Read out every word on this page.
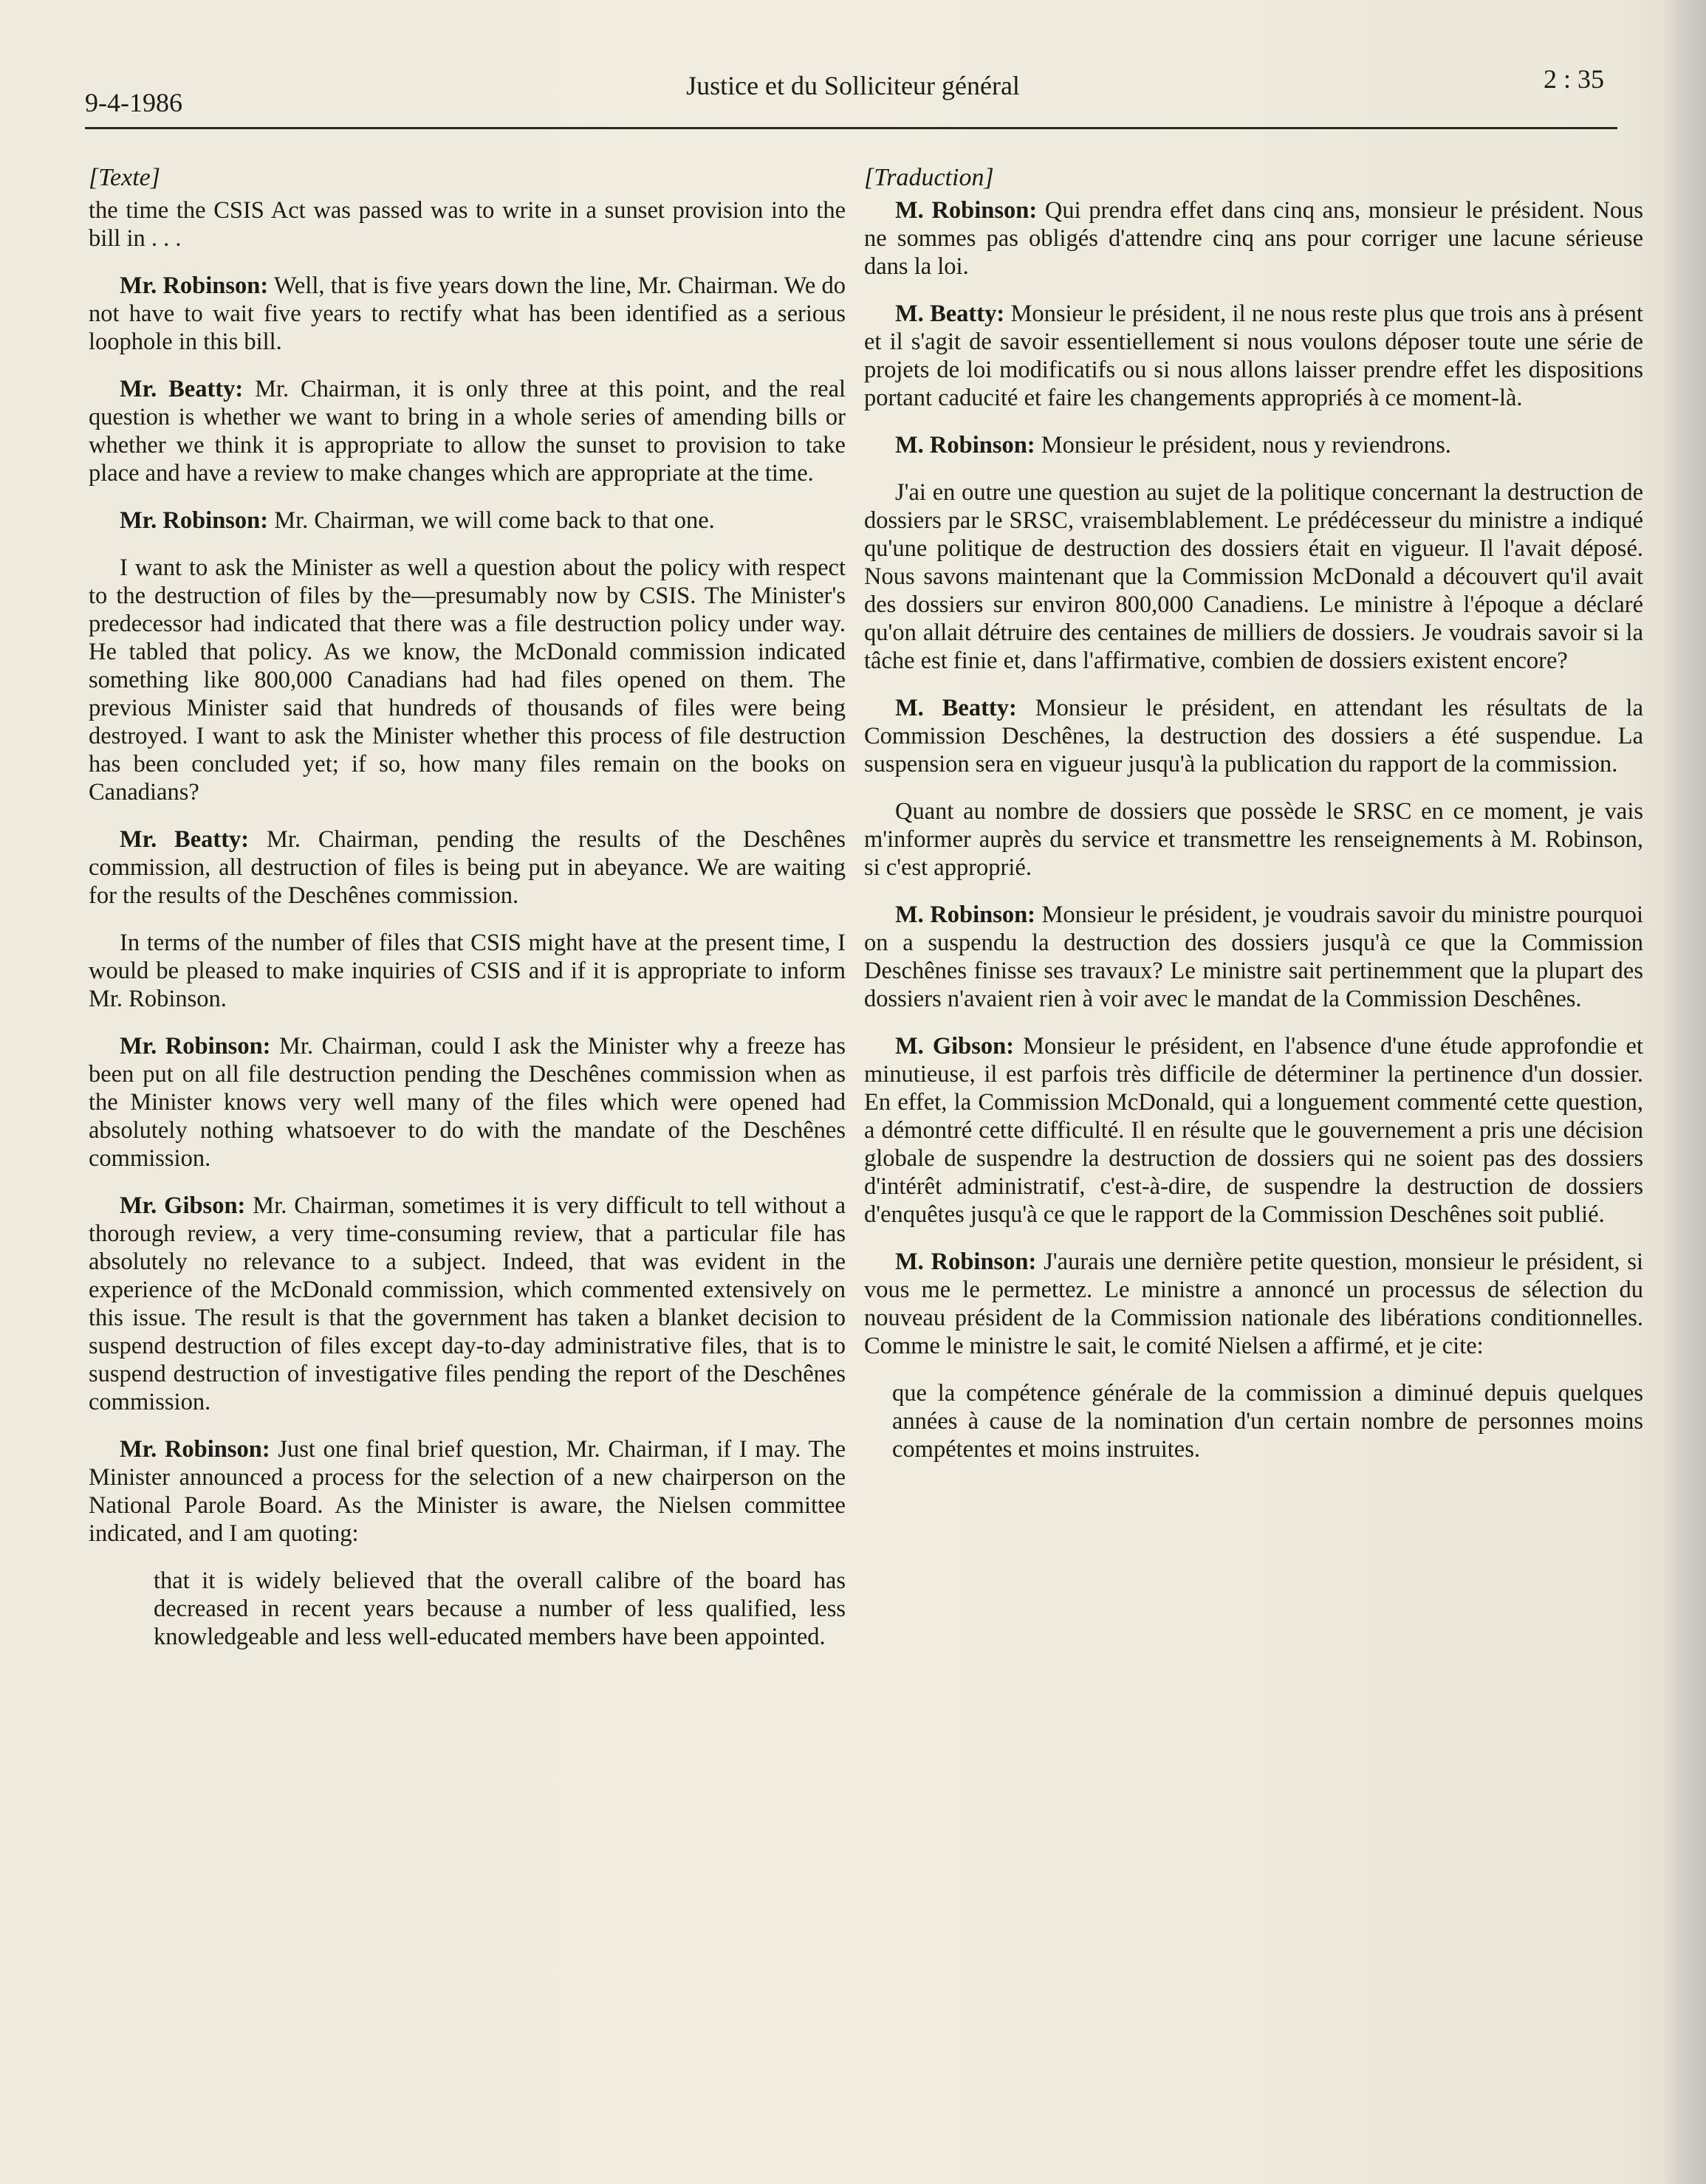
9-4-1986
Justice et du Solliciteur général	2 : 35

[Texte]

the time the CSIS Act was passed was to write in a sunset provision into the bill in . . .

Mr. Robinson: Well, that is five years down the line, Mr. Chairman. We do not have to wait five years to rectify what has been identified as a serious loophole in this bill.

Mr. Beatty: Mr. Chairman, it is only three at this point, and the real question is whether we want to bring in a whole series of amending bills or whether we think it is appropriate to allow the sunset to provision to take place and have a review to make changes which are appropriate at the time.

Mr. Robinson: Mr. Chairman, we will come back to that one.

I want to ask the Minister as well a question about the policy with respect to the destruction of files by the—presumably now by CSIS. The Minister's predecessor had indicated that there was a file destruction policy under way. He tabled that policy. As we know, the McDonald commission indicated something like 800,000 Canadians had had files opened on them. The previous Minister said that hundreds of thousands of files were being destroyed. I want to ask the Minister whether this process of file destruction has been concluded yet; if so, how many files remain on the books on Canadians?

Mr. Beatty: Mr. Chairman, pending the results of the Deschênes commission, all destruction of files is being put in abeyance. We are waiting for the results of the Deschênes commission.

In terms of the number of files that CSIS might have at the present time, I would be pleased to make inquiries of CSIS and if it is appropriate to inform Mr. Robinson.

Mr. Robinson: Mr. Chairman, could I ask the Minister why a freeze has been put on all file destruction pending the Deschênes commission when as the Minister knows very well many of the files which were opened had absolutely nothing whatsoever to do with the mandate of the Deschênes commission.

Mr. Gibson: Mr. Chairman, sometimes it is very difficult to tell without a thorough review, a very time-consuming review, that a particular file has absolutely no relevance to a subject. Indeed, that was evident in the experience of the McDonald commission, which commented extensively on this issue. The result is that the government has taken a blanket decision to suspend destruction of files except day-to-day administrative files, that is to suspend destruction of investigative files pending the report of the Deschênes commission.

Mr. Robinson: Just one final brief question, Mr. Chairman, if I may. The Minister announced a process for the selection of a new chairperson on the National Parole Board. As the Minister is aware, the Nielsen committee indicated, and I am quoting:

that it is widely believed that the overall calibre of the board has decreased in recent years because a number of less qualified, less knowledgeable and less well-educated members have been appointed.

[Traduction]

M. Robinson: Qui prendra effet dans cinq ans, monsieur le président. Nous ne sommes pas obligés d'attendre cinq ans pour corriger une lacune sérieuse dans la loi.

M. Beatty: Monsieur le président, il ne nous reste plus que trois ans à présent et il s'agit de savoir essentiellement si nous voulons déposer toute une série de projets de loi modificatifs ou si nous allons laisser prendre effet les dispositions portant caducité et faire les changements appropriés à ce moment-là.

M. Robinson: Monsieur le président, nous y reviendrons.

J'ai en outre une question au sujet de la politique concernant la destruction de dossiers par le SRSC, vraisemblablement. Le prédécesseur du ministre a indiqué qu'une politique de destruction des dossiers était en vigueur. Il l'avait déposé. Nous savons maintenant que la Commission McDonald a découvert qu'il avait des dossiers sur environ 800,000 Canadiens. Le ministre à l'époque a déclaré qu'on allait détruire des centaines de milliers de dossiers. Je voudrais savoir si la tâche est finie et, dans l'affirmative, combien de dossiers existent encore?

M. Beatty: Monsieur le président, en attendant les résultats de la Commission Deschênes, la destruction des dossiers a été suspendue. La suspension sera en vigueur jusqu'à la publication du rapport de la commission.

Quant au nombre de dossiers que possède le SRSC en ce moment, je vais m'informer auprès du service et transmettre les renseignements à M. Robinson, si c'est approprié.

M. Robinson: Monsieur le président, je voudrais savoir du ministre pourquoi on a suspendu la destruction des dossiers jusqu'à ce que la Commission Deschênes finisse ses travaux? Le ministre sait pertinemment que la plupart des dossiers n'avaient rien à voir avec le mandat de la Commission Deschênes.

M. Gibson: Monsieur le président, en l'absence d'une étude approfondie et minutieuse, il est parfois très difficile de déterminer la pertinence d'un dossier. En effet, la Commission McDonald, qui a longuement commenté cette question, a démontré cette difficulté. Il en résulte que le gouvernement a pris une décision globale de suspendre la destruction de dossiers qui ne soient pas des dossiers d'intérêt administratif, c'est-à-dire, de suspendre la destruction de dossiers d'enquêtes jusqu'à ce que le rapport de la Commission Deschênes soit publié.

M. Robinson: J'aurais une dernière petite question, monsieur le président, si vous me le permettez. Le ministre a annoncé un processus de sélection du nouveau président de la Commission nationale des libérations conditionnelles. Comme le ministre le sait, le comité Nielsen a affirmé, et je cite:

que la compétence générale de la commission a diminué depuis quelques années à cause de la nomination d'un certain nombre de personnes moins compétentes et moins instruites.
